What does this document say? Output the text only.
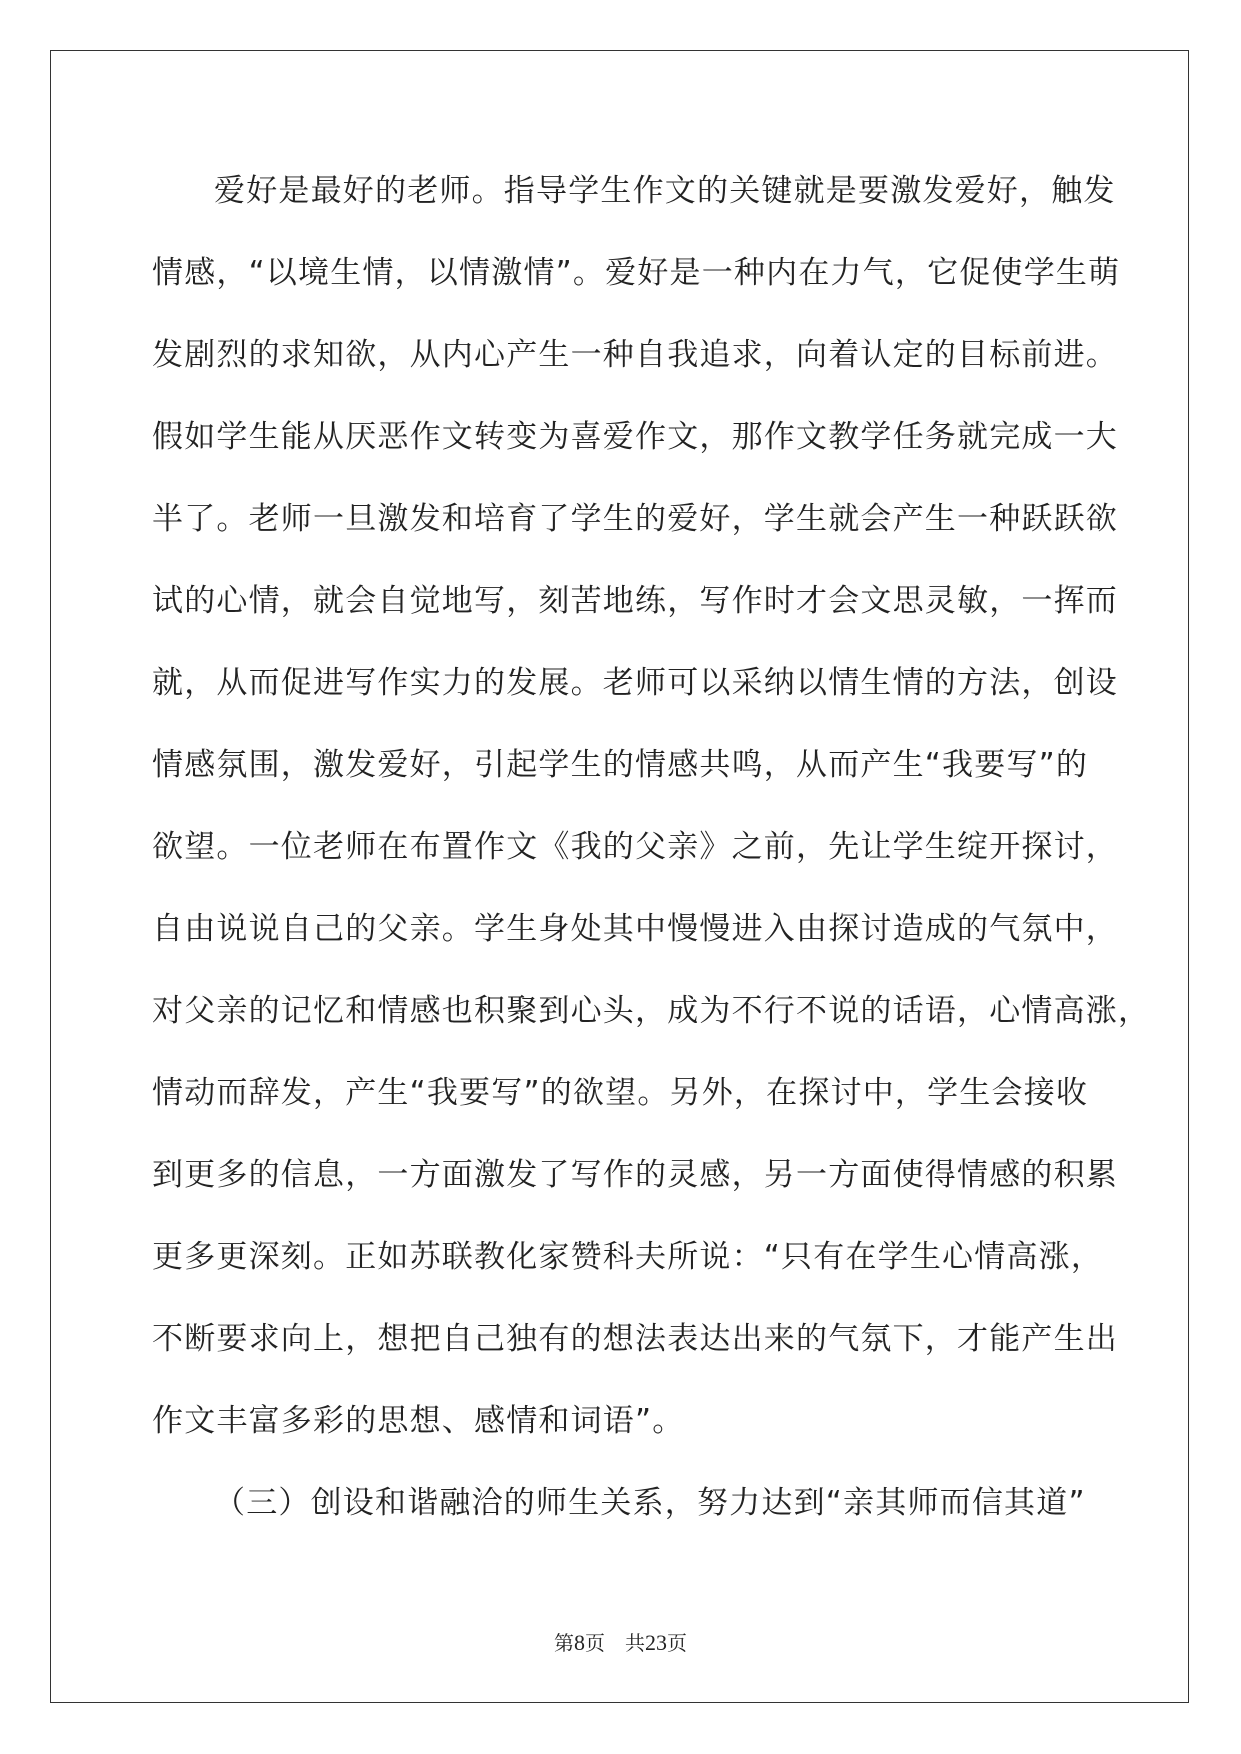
爱好是最好的老师。指导学生作文的关键就是要激发爱好，触发
情感，“以境生情，以情激情”。爱好是一种内在力气，它促使学生萌
发剧烈的求知欲，从内心产生一种自我追求，向着认定的目标前进。
假如学生能从厌恶作文转变为喜爱作文，那作文教学任务就完成一大
半了。老师一旦激发和培育了学生的爱好，学生就会产生一种跃跃欲
试的心情，就会自觉地写，刻苦地练，写作时才会文思灵敏，一挥而
就，从而促进写作实力的发展。老师可以采纳以情生情的方法，创设
情感氛围，激发爱好，引起学生的情感共鸣，从而产生“我要写”的
欲望。一位老师在布置作文《我的父亲》之前，先让学生绽开探讨，
自由说说自己的父亲。学生身处其中慢慢进入由探讨造成的气氛中，
对父亲的记忆和情感也积聚到心头，成为不行不说的话语，心情高涨，
情动而辞发，产生“我要写”的欲望。另外，在探讨中，学生会接收
到更多的信息，一方面激发了写作的灵感，另一方面使得情感的积累
更多更深刻。正如苏联教化家赞科夫所说：“只有在学生心情高涨，
不断要求向上，想把自己独有的想法表达出来的气氛下，才能产生出
作文丰富多彩的思想、感情和词语”。
（三）创设和谐融洽的师生关系，努力达到“亲其师而信其道”
第8页 共23页
